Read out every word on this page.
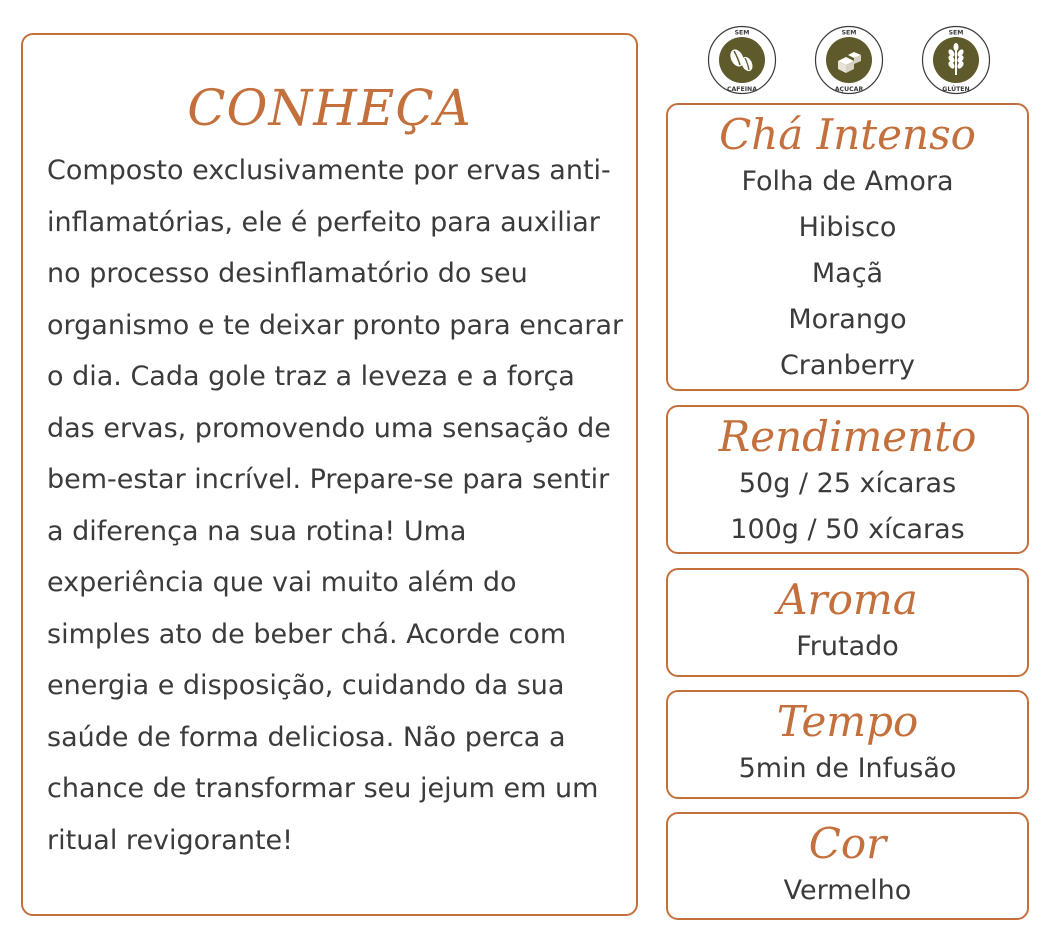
CONHEÇA

Composto exclusivamente por ervas anti-inflamatórias, ele é perfeito para auxiliar no processo desinflamatório do seu organismo e te deixar pronto para encarar o dia. Cada gole traz a leveza e a força das ervas, promovendo uma sensação de bem-estar incrível. Prepare-se para sentir a diferença na sua rotina! Uma experiência que vai muito além do simples ato de beber chá. Acorde com energia e disposição, cuidando da sua saúde de forma deliciosa. Não perca a chance de transformar seu jejum em um ritual revigorante!

SEM
CAFEINA
SEM
AÇUCAR
SEM
GLÚTEN
Chá Intenso
Folha de Amora
Hibisco
Maçã
Morango
Cranberry
Rendimento
50g / 25 xícaras
100g / 50 xícaras
Aroma
Frutado
Tempo
5min de Infusão
Cor
Vermelho
